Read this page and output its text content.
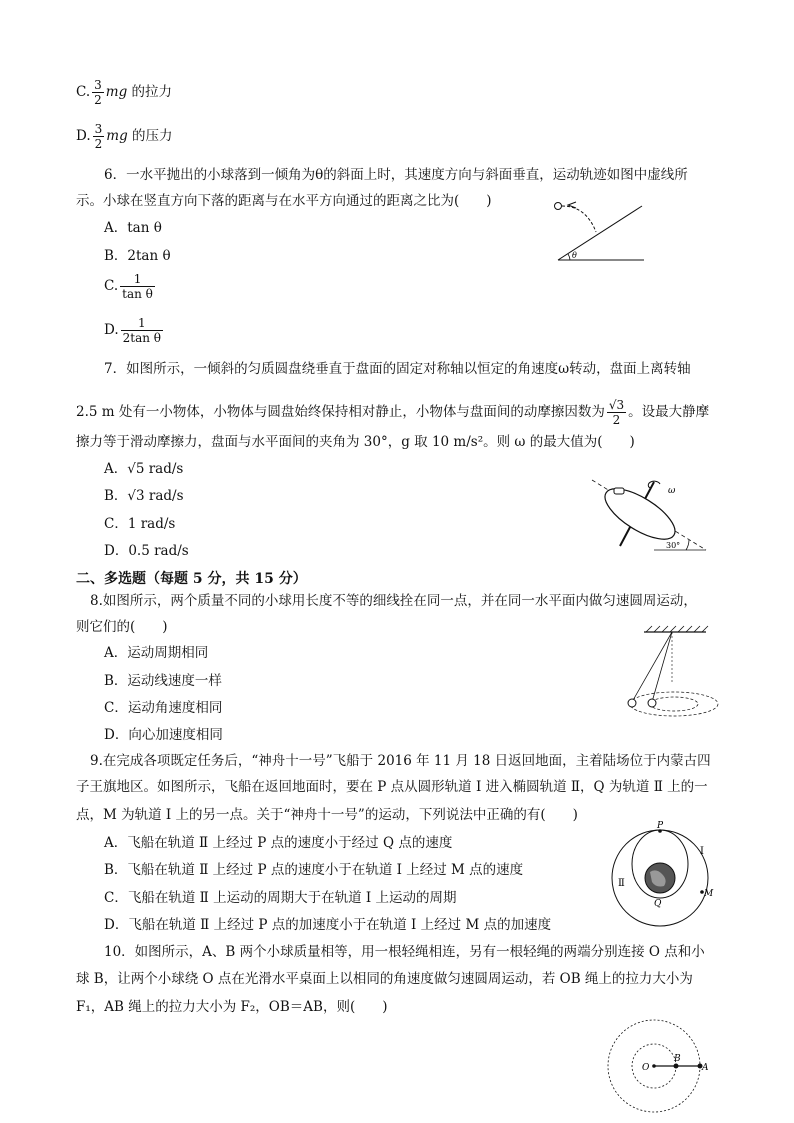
C. $\frac{3}{2}$ mg 的拉力
D. $\frac{3}{2}$ mg 的压力
6．一水平抛出的小球落到一倾角为θ的斜面上时，其速度方向与斜面垂直，运动轨迹如图中虚线所
示。小球在竖直方向下落的距离与在水平方向通过的距离之比为(　　)
A．tan θ
B．2tan θ
C. $\frac{1}{\text{tan θ}}$
D. $\frac{1}{\text{2tan θ}}$
θ
7．如图所示，一倾斜的匀质圆盘绕垂直于盘面的固定对称轴以恒定的角速度ω转动，盘面上离转轴
2.5 m 处有一小物体，小物体与圆盘始终保持相对静止，小物体与盘面间的动摩擦因数为 $\frac{√3}{2}$ 。设最大静摩
擦力等于滑动摩擦力，盘面与水平面间的夹角为 30°，g 取 10 m/s²。则 ω 的最大值为(　　)
A．√5 rad/s
B．√3 rad/s
C．1 rad/s
D．0.5 rad/s
ω
30°
二、多选题（每题 5 分，共 15 分）
8.如图所示，两个质量不同的小球用长度不等的细线拴在同一点，并在同一水平面内做匀速圆周运动，
则它们的(　　)
A．运动周期相同
B．运动线速度一样
C．运动角速度相同
D．向心加速度相同
9.在完成各项既定任务后，“神舟十一号”飞船于 2016 年 11 月 18 日返回地面，主着陆场位于内蒙古四
子王旗地区。如图所示，飞船在返回地面时，要在 P 点从圆形轨道 Ⅰ 进入椭圆轨道 Ⅱ，Q 为轨道 Ⅱ 上的一
点，M 为轨道 Ⅰ 上的另一点。关于“神舟十一号”的运动，下列说法中正确的有(　　)
A．飞船在轨道 Ⅱ 上经过 P 点的速度小于经过 Q 点的速度
B．飞船在轨道 Ⅱ 上经过 P 点的速度小于在轨道 Ⅰ 上经过 M 点的速度
C．飞船在轨道 Ⅱ 上运动的周期大于在轨道 Ⅰ 上运动的周期
D．飞船在轨道 Ⅱ 上经过 P 点的加速度小于在轨道 Ⅰ 上经过 M 点的加速度
P
Ⅰ
Ⅱ
M
Q
10．如图所示，A、B 两个小球质量相等，用一根轻绳相连，另有一根轻绳的两端分别连接 O 点和小
球 B，让两个小球绕 O 点在光滑水平桌面上以相同的角速度做匀速圆周运动，若 OB 绳上的拉力大小为
F₁，AB 绳上的拉力大小为 F₂，OB＝AB，则(　　)
O
B
A
